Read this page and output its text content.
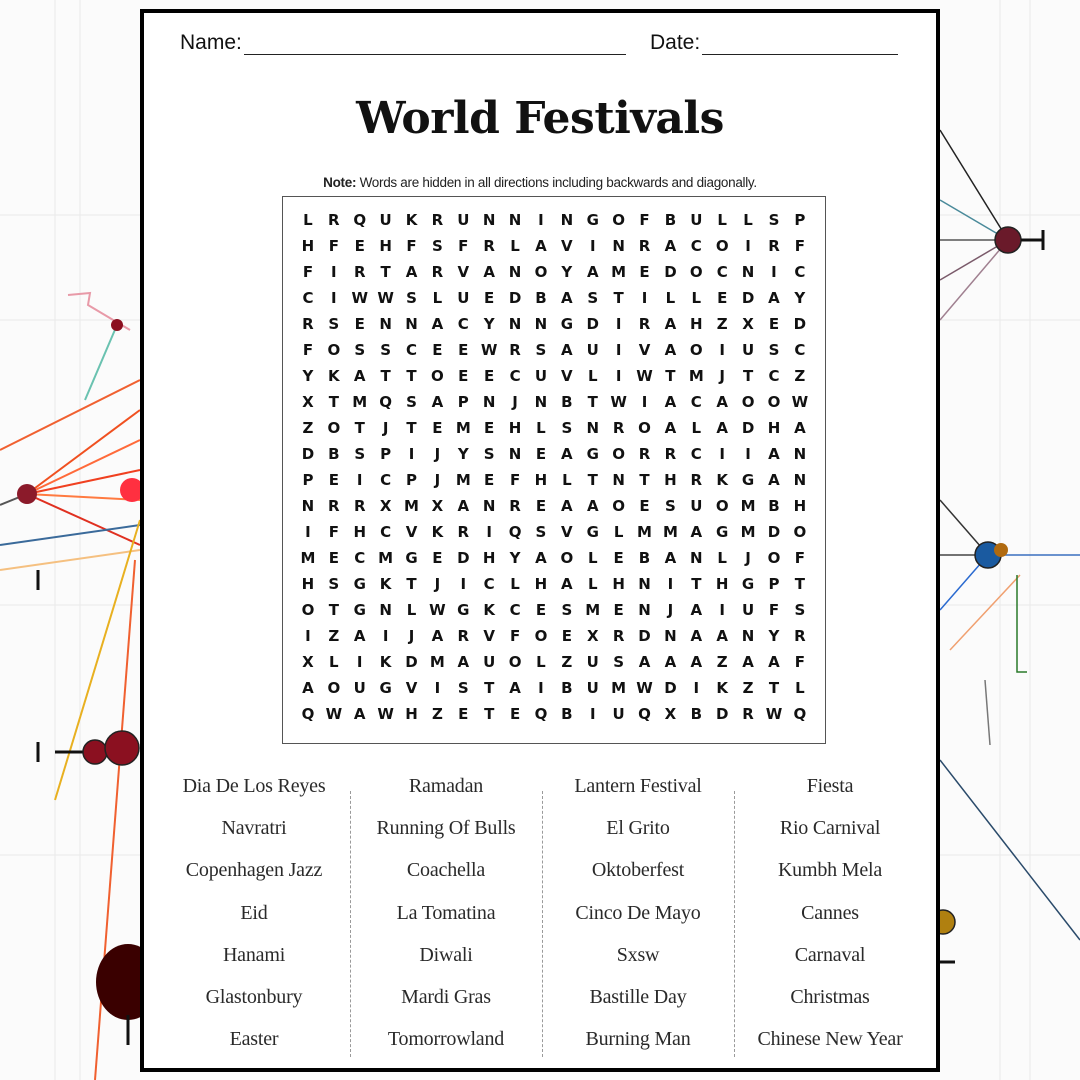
Name:	Date:
World Festivals
Note: Words are hidden in all directions including backwards and diagonally.
L	R Q U K R U N N	I	N G O F	B U	L	L	S P
H F	E H F	S	F R	L	A V	I	N R A C O	I	R F
F	I	R	T A R V A N O Y A M E D O C N	I	C
C	I W W S	L	U E D B A S	T	I	L	L	E D A Y
R S	E N N A C Y N N G D	I	R A H Z X E D
F O S	S C	E	E W R S A U	I	V A O	I	U S C
Y K A T	T O E	E	C U V	L	I W T M	J	T	C Z
X T M Q S A P N	J	N B	T W I	A C A O O W
Z O T	J	T	E M E H L	S N R O A	L	A D H A
D B S P	I	J	Y	S N E A G O R R C	I	I	A N
P	E	I	C P	J	M E	F H L	T N T H R K G A N
N R R X M X A N R E A A O E	S U O M B H
I	F H C V K R	I	Q S V G L M M A G M D O
M E	C M G E D H Y A O L	E	B A N L	J	O F
H S G K T	J	I	C	L H A	L H N	I	T H G P	T
O T G N L W G K C	E	S M E N	J	A	I	U F	S
I	Z A	I	J	A R V F O E X R D N A A N Y R
X	L	I	K D M A U O L	Z U S A A A Z A A F
A O U G V	I	S	T A	I	B U M W D	I	K Z	T	L
Q W A W H Z	E	T	E Q B	I	U Q X B D R W Q
Dia De Los Reyes
Navratri
Copenhagen Jazz
Eid
Hanami
Glastonbury
Easter
Ramadan
Running Of Bulls
Coachella
La Tomatina
Diwali
Mardi Gras
Tomorrowland
Lantern Festival
El Grito
Oktoberfest
Cinco De Mayo
Sxsw
Bastille Day
Burning Man
Fiesta
Rio Carnival
Kumbh Mela
Cannes
Carnaval
Christmas
Chinese New Year
